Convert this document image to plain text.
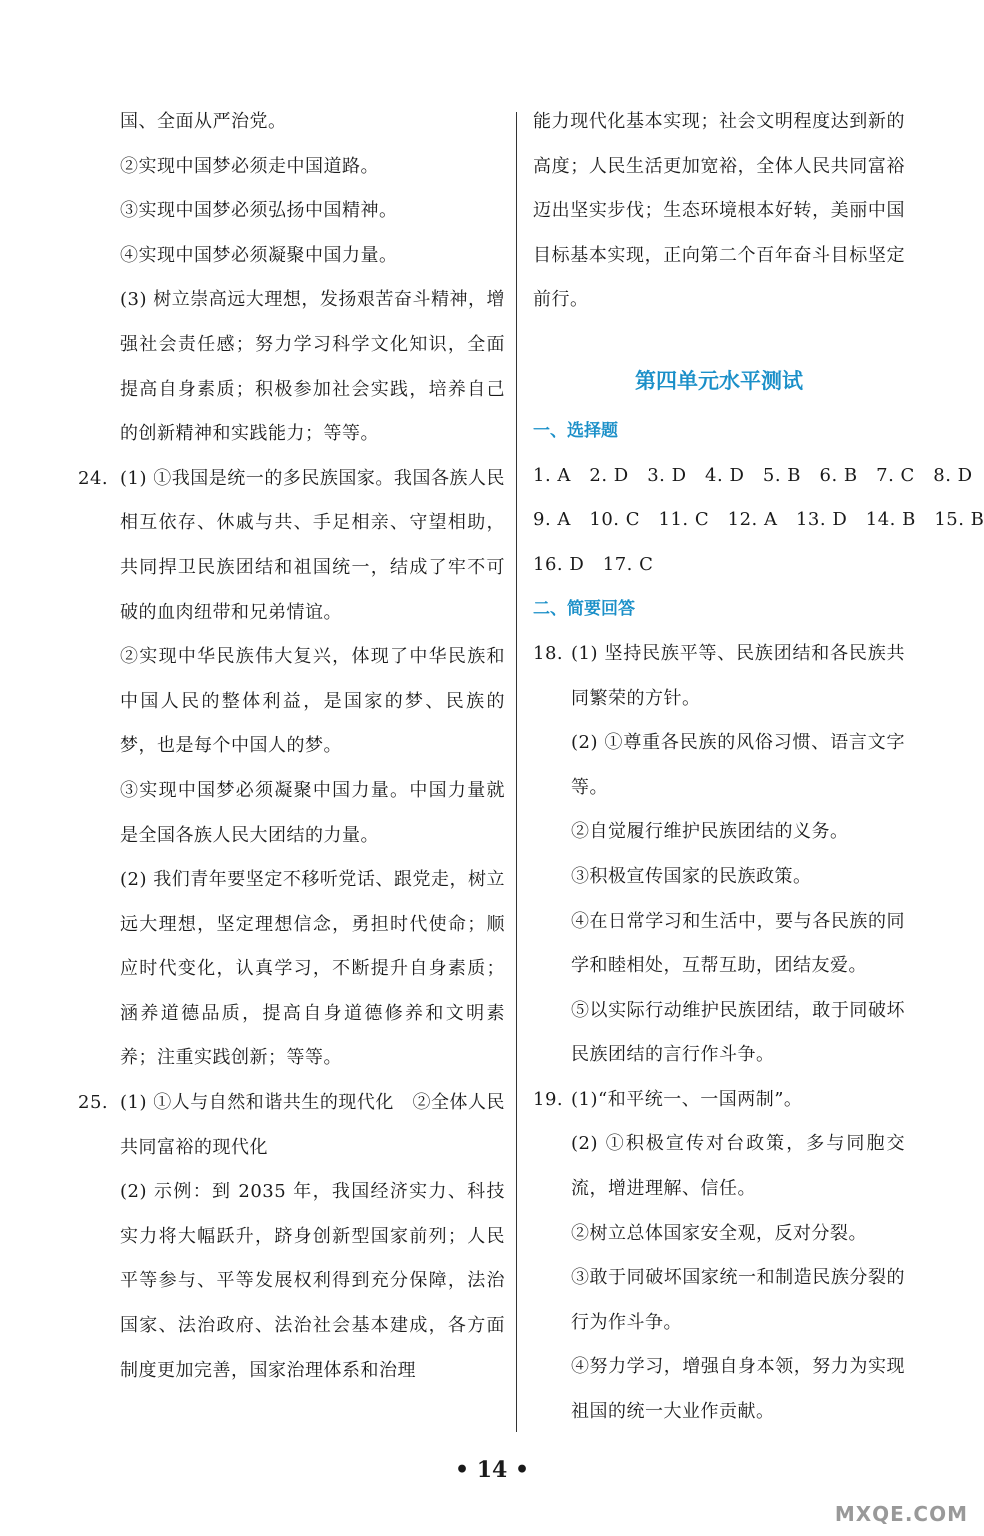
国、全面从严治党。

②实现中国梦必须走中国道路。

③实现中国梦必须弘扬中国精神。

④实现中国梦必须凝聚中国力量。

(3) 树立崇高远大理想，发扬艰苦奋斗精神，增强社会责任感；努力学习科学文化知识，全面提高自身素质；积极参加社会实践，培养自己的创新精神和实践能力；等等。

24. (1) ①我国是统一的多民族国家。我国各族人民相互依存、休戚与共、手足相亲、守望相助，共同捍卫民族团结和祖国统一，结成了牢不可破的血肉纽带和兄弟情谊。

②实现中华民族伟大复兴，体现了中华民族和中国人民的整体利益，是国家的梦、民族的梦，也是每个中国人的梦。

③实现中国梦必须凝聚中国力量。中国力量就是全国各族人民大团结的力量。

(2) 我们青年要坚定不移听党话、跟党走，树立远大理想，坚定理想信念，勇担时代使命；顺应时代变化，认真学习，不断提升自身素质；涵养道德品质，提高自身道德修养和文明素养；注重实践创新；等等。

25. (1) ①人与自然和谐共生的现代化　②全体人民共同富裕的现代化

(2) 示例：到 2035 年，我国经济实力、科技实力将大幅跃升，跻身创新型国家前列；人民平等参与、平等发展权利得到充分保障，法治国家、法治政府、法治社会基本建成，各方面制度更加完善，国家治理体系和治理

能力现代化基本实现；社会文明程度达到新的高度；人民生活更加宽裕，全体人民共同富裕迈出坚实步伐；生态环境根本好转，美丽中国目标基本实现，正向第二个百年奋斗目标坚定前行。

第四单元水平测试

一、选择题

1. A　2. D　3. D　4. D　5. B　6. B　7. C　8. D

9. A　10. C　11. C　12. A　13. D　14. B　15. B

16. D　17. C

二、简要回答

18. (1) 坚持民族平等、民族团结和各民族共同繁荣的方针。

(2) ①尊重各民族的风俗习惯、语言文字等。

②自觉履行维护民族团结的义务。

③积极宣传国家的民族政策。

④在日常学习和生活中，要与各民族的同学和睦相处，互帮互助，团结友爱。

⑤以实际行动维护民族团结，敢于同破坏民族团结的言行作斗争。

19. (1)“和平统一、一国两制”。

(2) ①积极宣传对台政策，多与同胞交流，增进理解、信任。

②树立总体国家安全观，反对分裂。

③敢于同破坏国家统一和制造民族分裂的行为作斗争。

④努力学习，增强自身本领，努力为实现祖国的统一大业作贡献。

• 14 •
MXQE.COM
